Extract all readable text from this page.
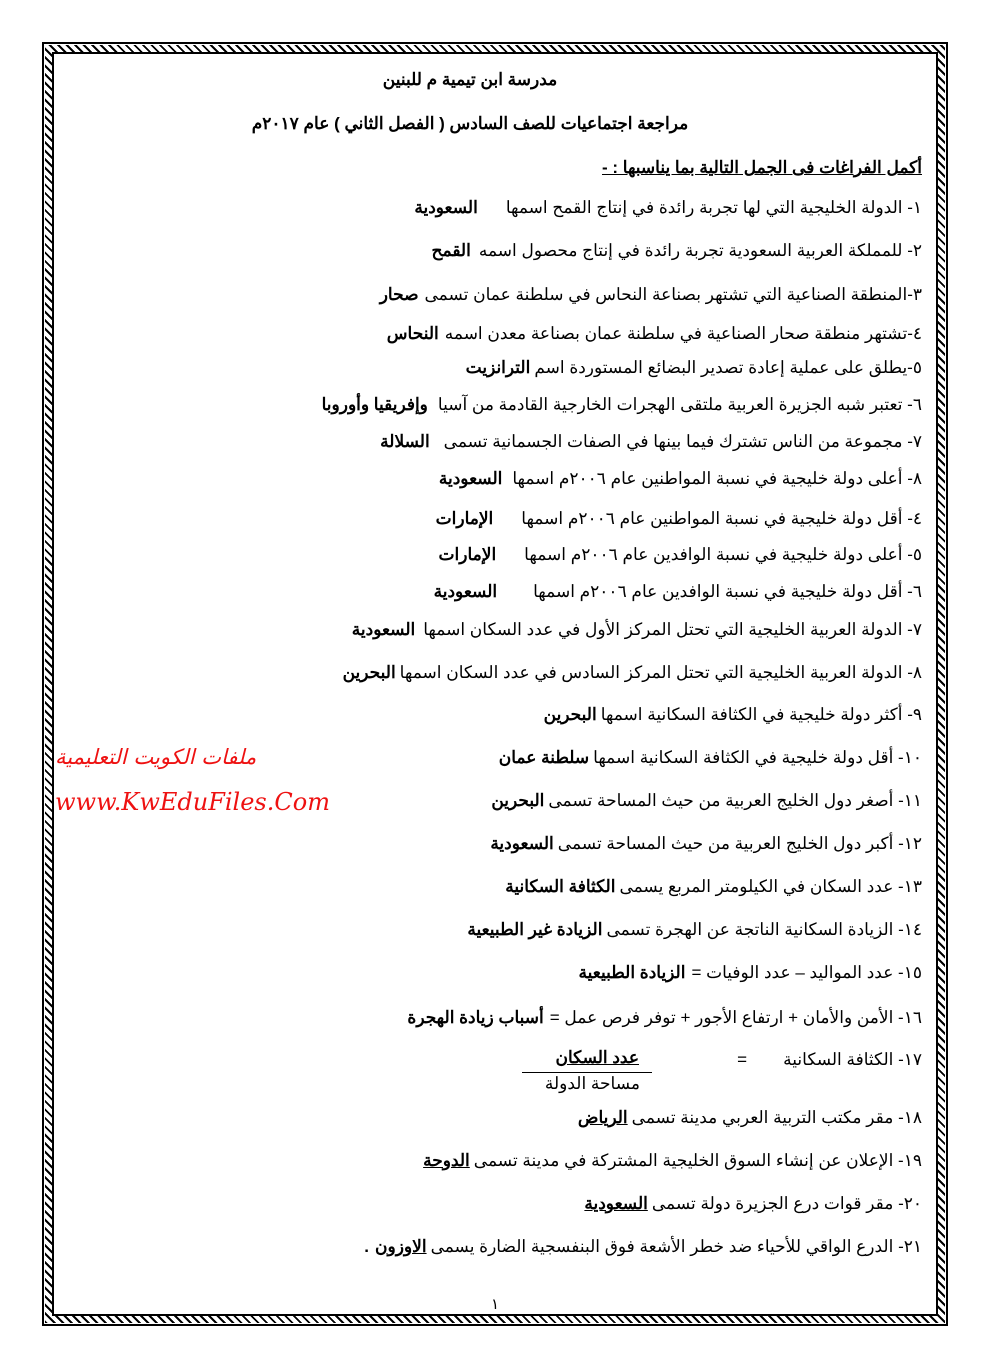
مدرسة ابن تيمية م للبنين
مراجعة اجتماعيات للصف السادس ( الفصل الثاني ) عام ٢٠١٧م
أكمل الفراغات فى الجمل التالية بما يناسبها : -
١- الدولة الخليجية التي لها تجربة رائدة في إنتاج القمح اسمهاالسعودية
٢- للمملكة العربية السعودية تجربة رائدة في إنتاج محصول اسمهالقمح
٣-المنطقة الصناعية التي تشتهر بصناعة النحاس في سلطنة عمان تسمىصحار
٤-تشتهر منطقة صحار الصناعية في سلطنة عمان بصناعة معدن اسمهالنحاس
٥-يطلق على عملية إعادة تصدير البضائع المستوردة اسمالترانزيت
٦- تعتبر شبه الجزيرة العربية ملتقى الهجرات الخارجية القادمة من آسياوإفريقيا وأوروبا
٧- مجموعة من الناس تشترك فيما بينها في الصفات الجسمانية تسمىالسلالة
٨- أعلى دولة خليجية في نسبة المواطنين عام ٢٠٠٦م اسمهاالسعودية
٤- أقل دولة خليجية في نسبة المواطنين عام ٢٠٠٦م اسمهاالإمارات
٥- أعلى دولة خليجية في نسبة الوافدين عام ٢٠٠٦م اسمهاالإمارات
٦- أقل دولة خليجية في نسبة الوافدين عام ٢٠٠٦م اسمهاالسعودية
٧- الدولة العربية الخليجية التي تحتل المركز الأول في عدد السكان اسمهاالسعودية
٨- الدولة العربية الخليجية التي تحتل المركز السادس في عدد السكان اسمهاالبحرين
٩- أكثر دولة خليجية في الكثافة السكانية اسمهاالبحرين
١٠- أقل دولة خليجية في الكثافة السكانية اسمهاسلطنة عمان
١١- أصغر دول الخليج العربية من حيث المساحة تسمىالبحرين
١٢- أكبر دول الخليج العربية من حيث المساحة تسمىالسعودية
١٣- عدد السكان في الكيلومتر المربع يسمىالكثافة السكانية
١٤- الزيادة السكانية الناتجة عن الهجرة تسمىالزيادة غير الطبيعية
١٥- عدد المواليد – عدد الوفيات =الزيادة الطبيعية
١٦- الأمن والأمان + ارتفاع الأجور + توفر فرص عمل =أسباب زيادة الهجرة
١٧- الكثافة السكانية
=
عدد السكان
مساحة الدولة
١٨- مقر مكتب التربية العربي مدينة تسمىالرياض
١٩- الإعلان عن إنشاء السوق الخليجية المشتركة في مدينة تسمىالدوحة
٢٠- مقر قوات درع الجزيرة دولة تسمىالسعودية
٢١- الدرع الواقي للأحياء ضد خطر الأشعة فوق البنفسجية الضارة يسمىالاوزون.
١
ملفات الكويت التعليمية
www.KwEduFiles.Com
